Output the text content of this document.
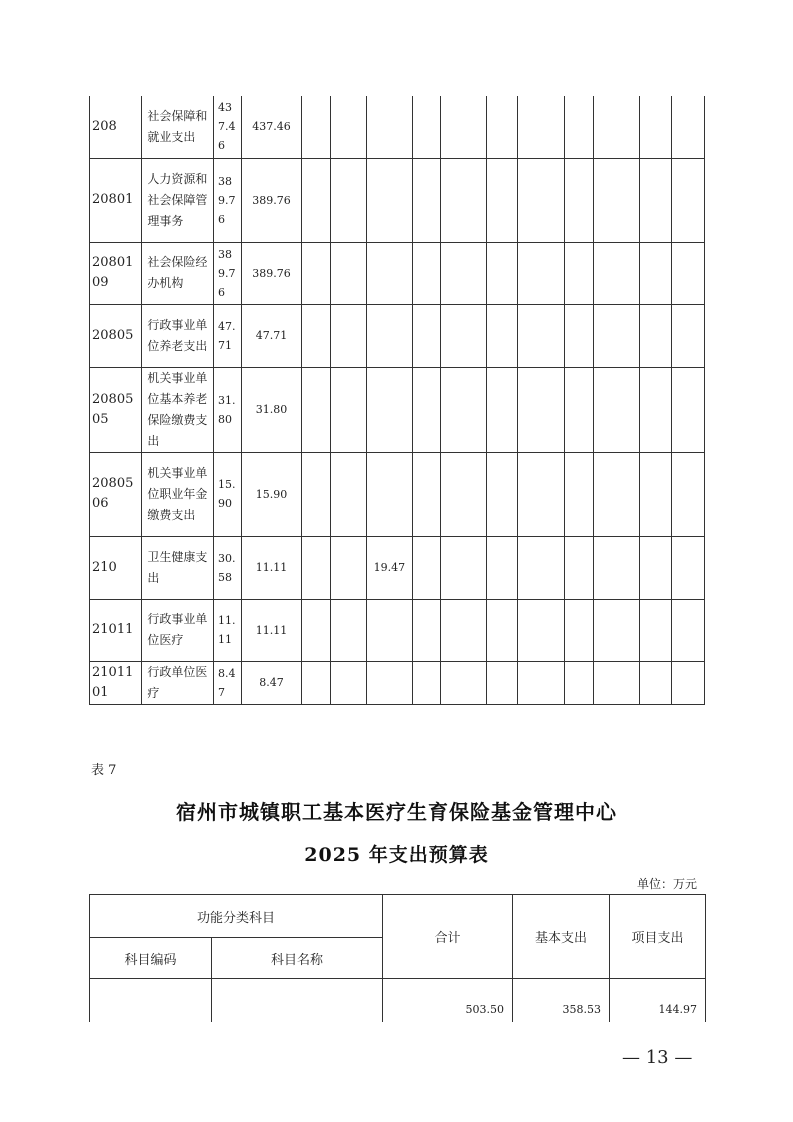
208	社会保障和就业支出	437.46	437.46											
20801	人力资源和社会保障管理事务	389.76	389.76											
2080109	社会保险经办机构	389.76	389.76											
20805	行政事业单位养老支出	47.71	47.71											
2080505	机关事业单位基本养老保险缴费支出	31.80	31.80											
2080506	机关事业单位职业年金缴费支出	15.90	15.90											
210	卫生健康支出	30.58	11.11			19.47								
21011	行政事业单位医疗	11.11	11.11											
2101101	行政单位医疗	8.47	8.47											
表 7
宿州市城镇职工基本医疗生育保险基金管理中心
2025 年支出预算表
单位：万元
功能分类科目		合计	基本支出	项目支出
科目编码	科目名称			
		503.50	358.53	144.97
— 13 —
